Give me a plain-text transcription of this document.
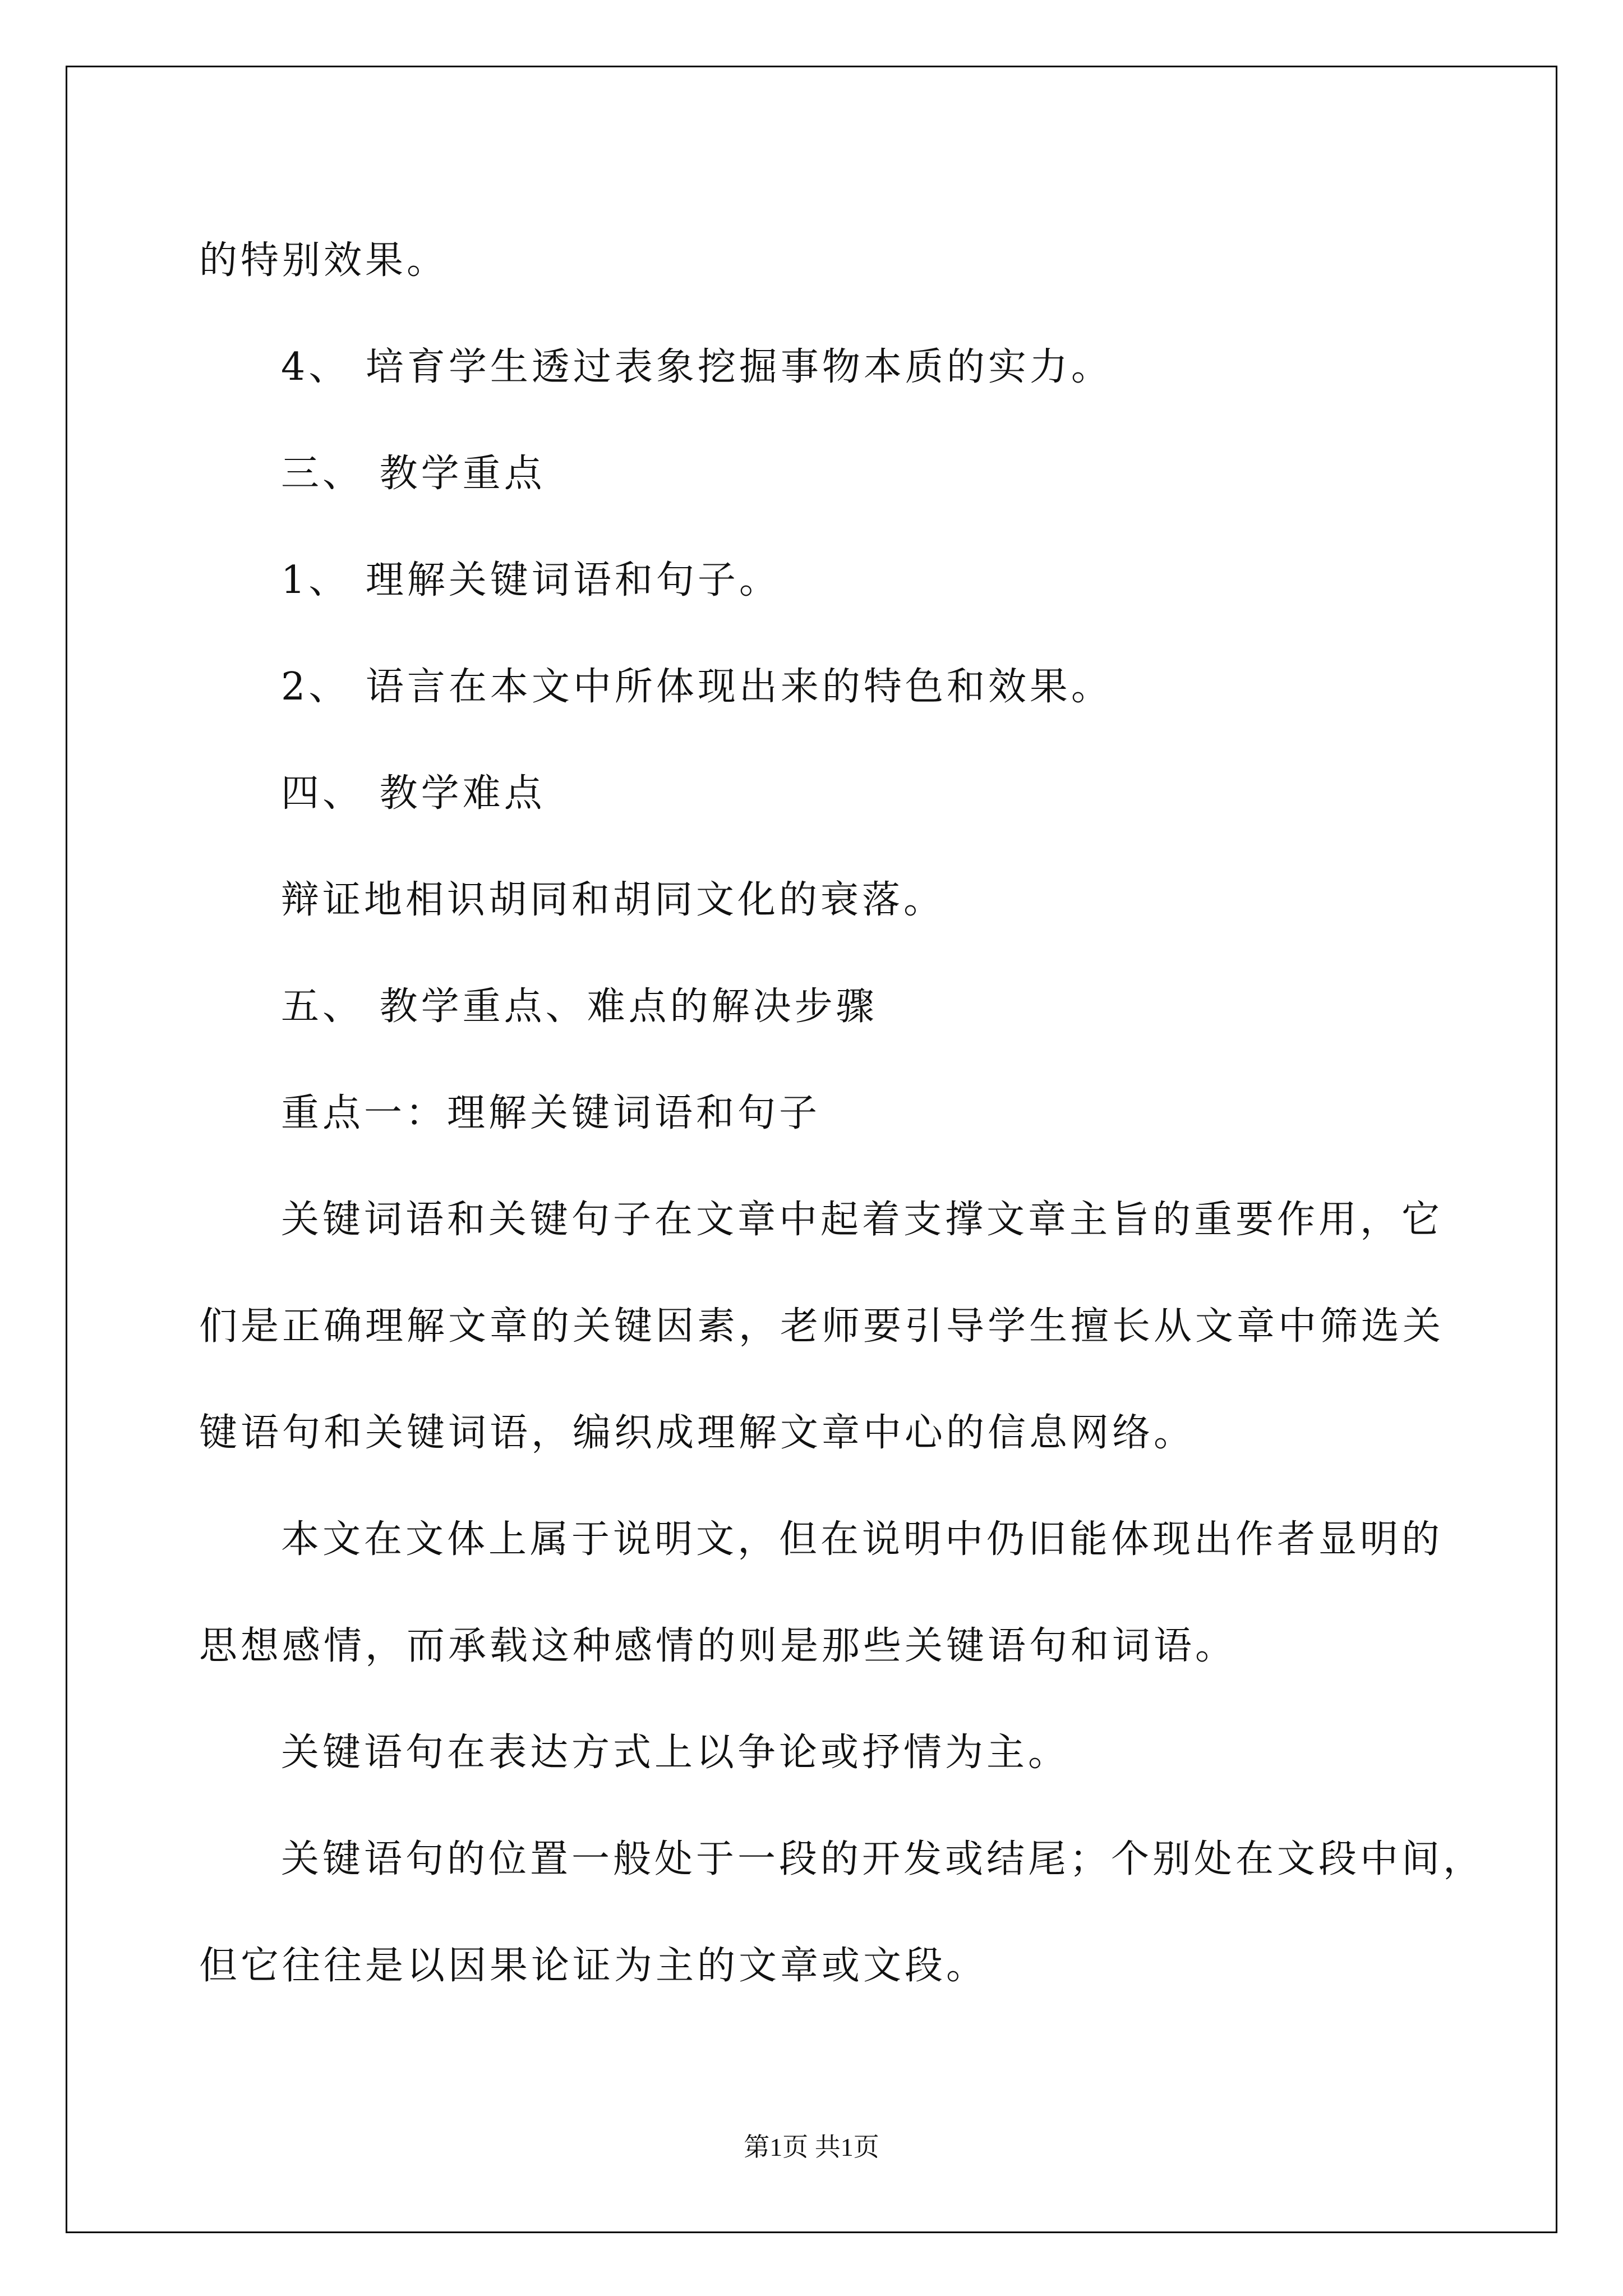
的特别效果。

4、 培育学生透过表象挖掘事物本质的实力。

三、 教学重点

1、 理解关键词语和句子。

2、 语言在本文中所体现出来的特色和效果。

四、 教学难点

辩证地相识胡同和胡同文化的衰落。

五、 教学重点、难点的解决步骤

重点一：理解关键词语和句子

关键词语和关键句子在文章中起着支撑文章主旨的重要作用，它

们是正确理解文章的关键因素，老师要引导学生擅长从文章中筛选关

键语句和关键词语，编织成理解文章中心的信息网络。

本文在文体上属于说明文，但在说明中仍旧能体现出作者显明的

思想感情，而承载这种感情的则是那些关键语句和词语。

关键语句在表达方式上以争论或抒情为主。

关键语句的位置一般处于一段的开发或结尾；个别处在文段中间，

但它往往是以因果论证为主的文章或文段。

第1页 共1页
